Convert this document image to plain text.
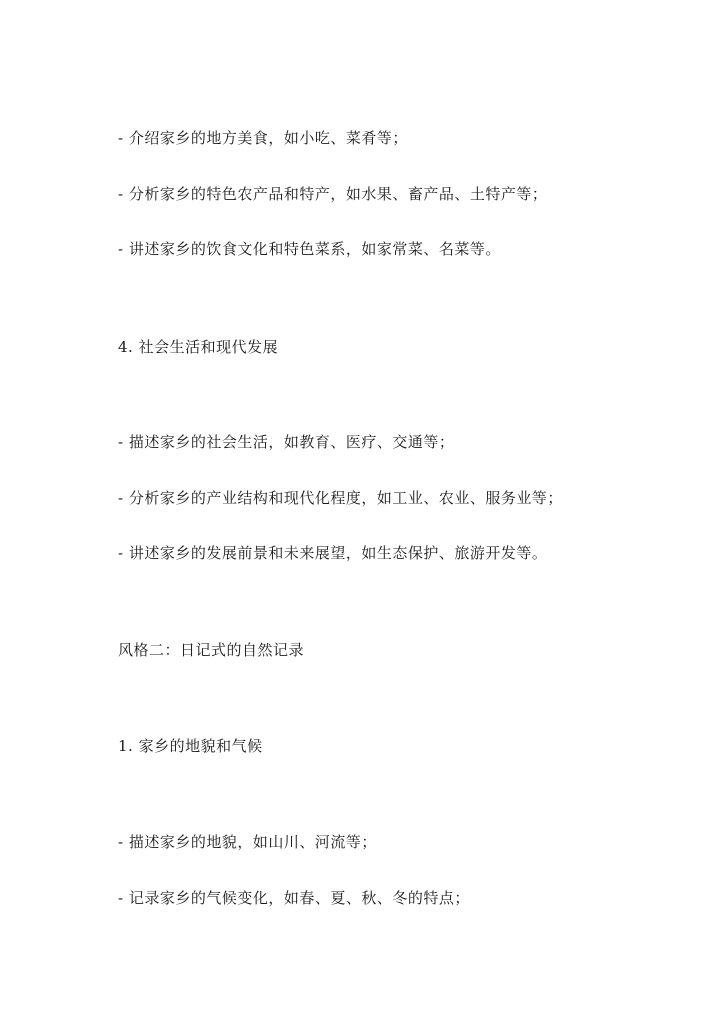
- 介绍家乡的地方美食，如小吃、菜肴等；
- 分析家乡的特色农产品和特产，如水果、畜产品、土特产等；
- 讲述家乡的饮食文化和特色菜系，如家常菜、名菜等。
4. 社会生活和现代发展
- 描述家乡的社会生活，如教育、医疗、交通等；
- 分析家乡的产业结构和现代化程度，如工业、农业、服务业等；
- 讲述家乡的发展前景和未来展望，如生态保护、旅游开发等。
风格二：日记式的自然记录
1. 家乡的地貌和气候
- 描述家乡的地貌，如山川、河流等；
- 记录家乡的气候变化，如春、夏、秋、冬的特点；
